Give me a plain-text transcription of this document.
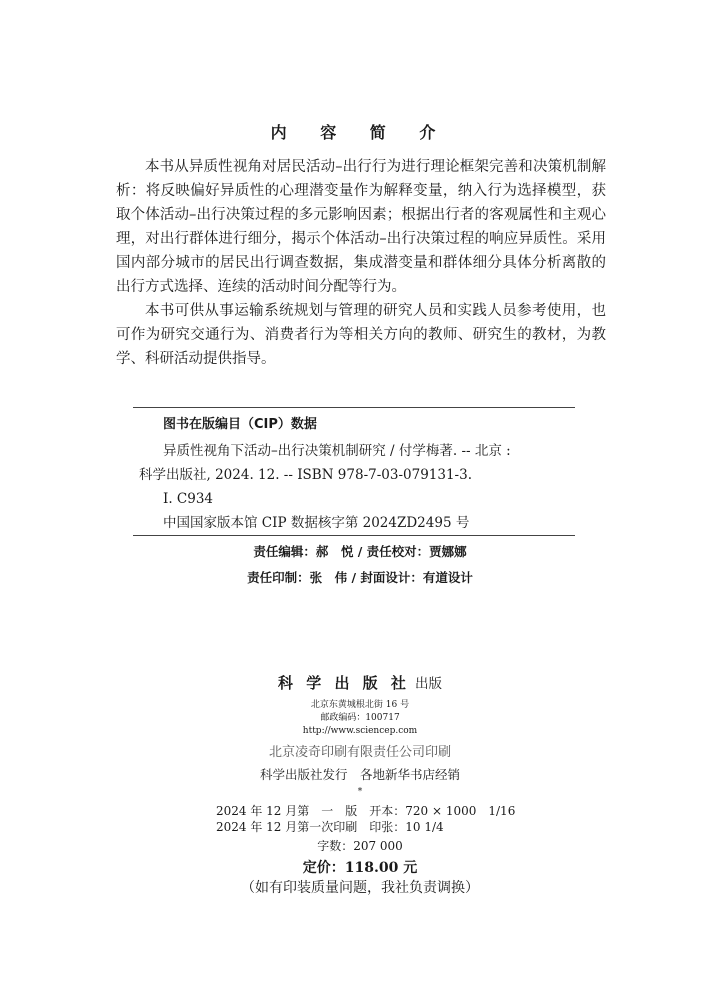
内 容 简 介

本书从异质性视角对居民活动–出行行为进行理论框架完善和决策机制解析：将反映偏好异质性的心理潜变量作为解释变量，纳入行为选择模型，获取个体活动–出行决策过程的多元影响因素；根据出行者的客观属性和主观心理，对出行群体进行细分，揭示个体活动–出行决策过程的响应异质性。采用国内部分城市的居民出行调查数据，集成潜变量和群体细分具体分析离散的出行方式选择、连续的活动时间分配等行为。

本书可供从事运输系统规划与管理的研究人员和实践人员参考使用，也可作为研究交通行为、消费者行为等相关方向的教师、研究生的教材，为教学、科研活动提供指导。

图书在版编目（CIP）数据
异质性视角下活动–出行决策机制研究 / 付学梅著. -- 北京 :
科学出版社, 2024. 12. -- ISBN 978-7-03-079131-3.
Ⅰ. C934
中国国家版本馆 CIP 数据核字第 2024ZD2495 号
责任编辑：郝　悦 / 责任校对：贾娜娜
责任印制：张　伟 / 封面设计：有道设计
科 学 出 版 社 出版
北京东黄城根北街 16 号
邮政编码：100717
http://www.sciencep.com
北京凌奇印刷有限责任公司印刷
科学出版社发行　各地新华书店经销
*
2024 年 12 月第　一　版　开本：720 × 1000　1/16
2024 年 12 月第一次印刷　印张：10 1/4
字数：207 000
定价：118.00 元
（如有印装质量问题，我社负责调换）
